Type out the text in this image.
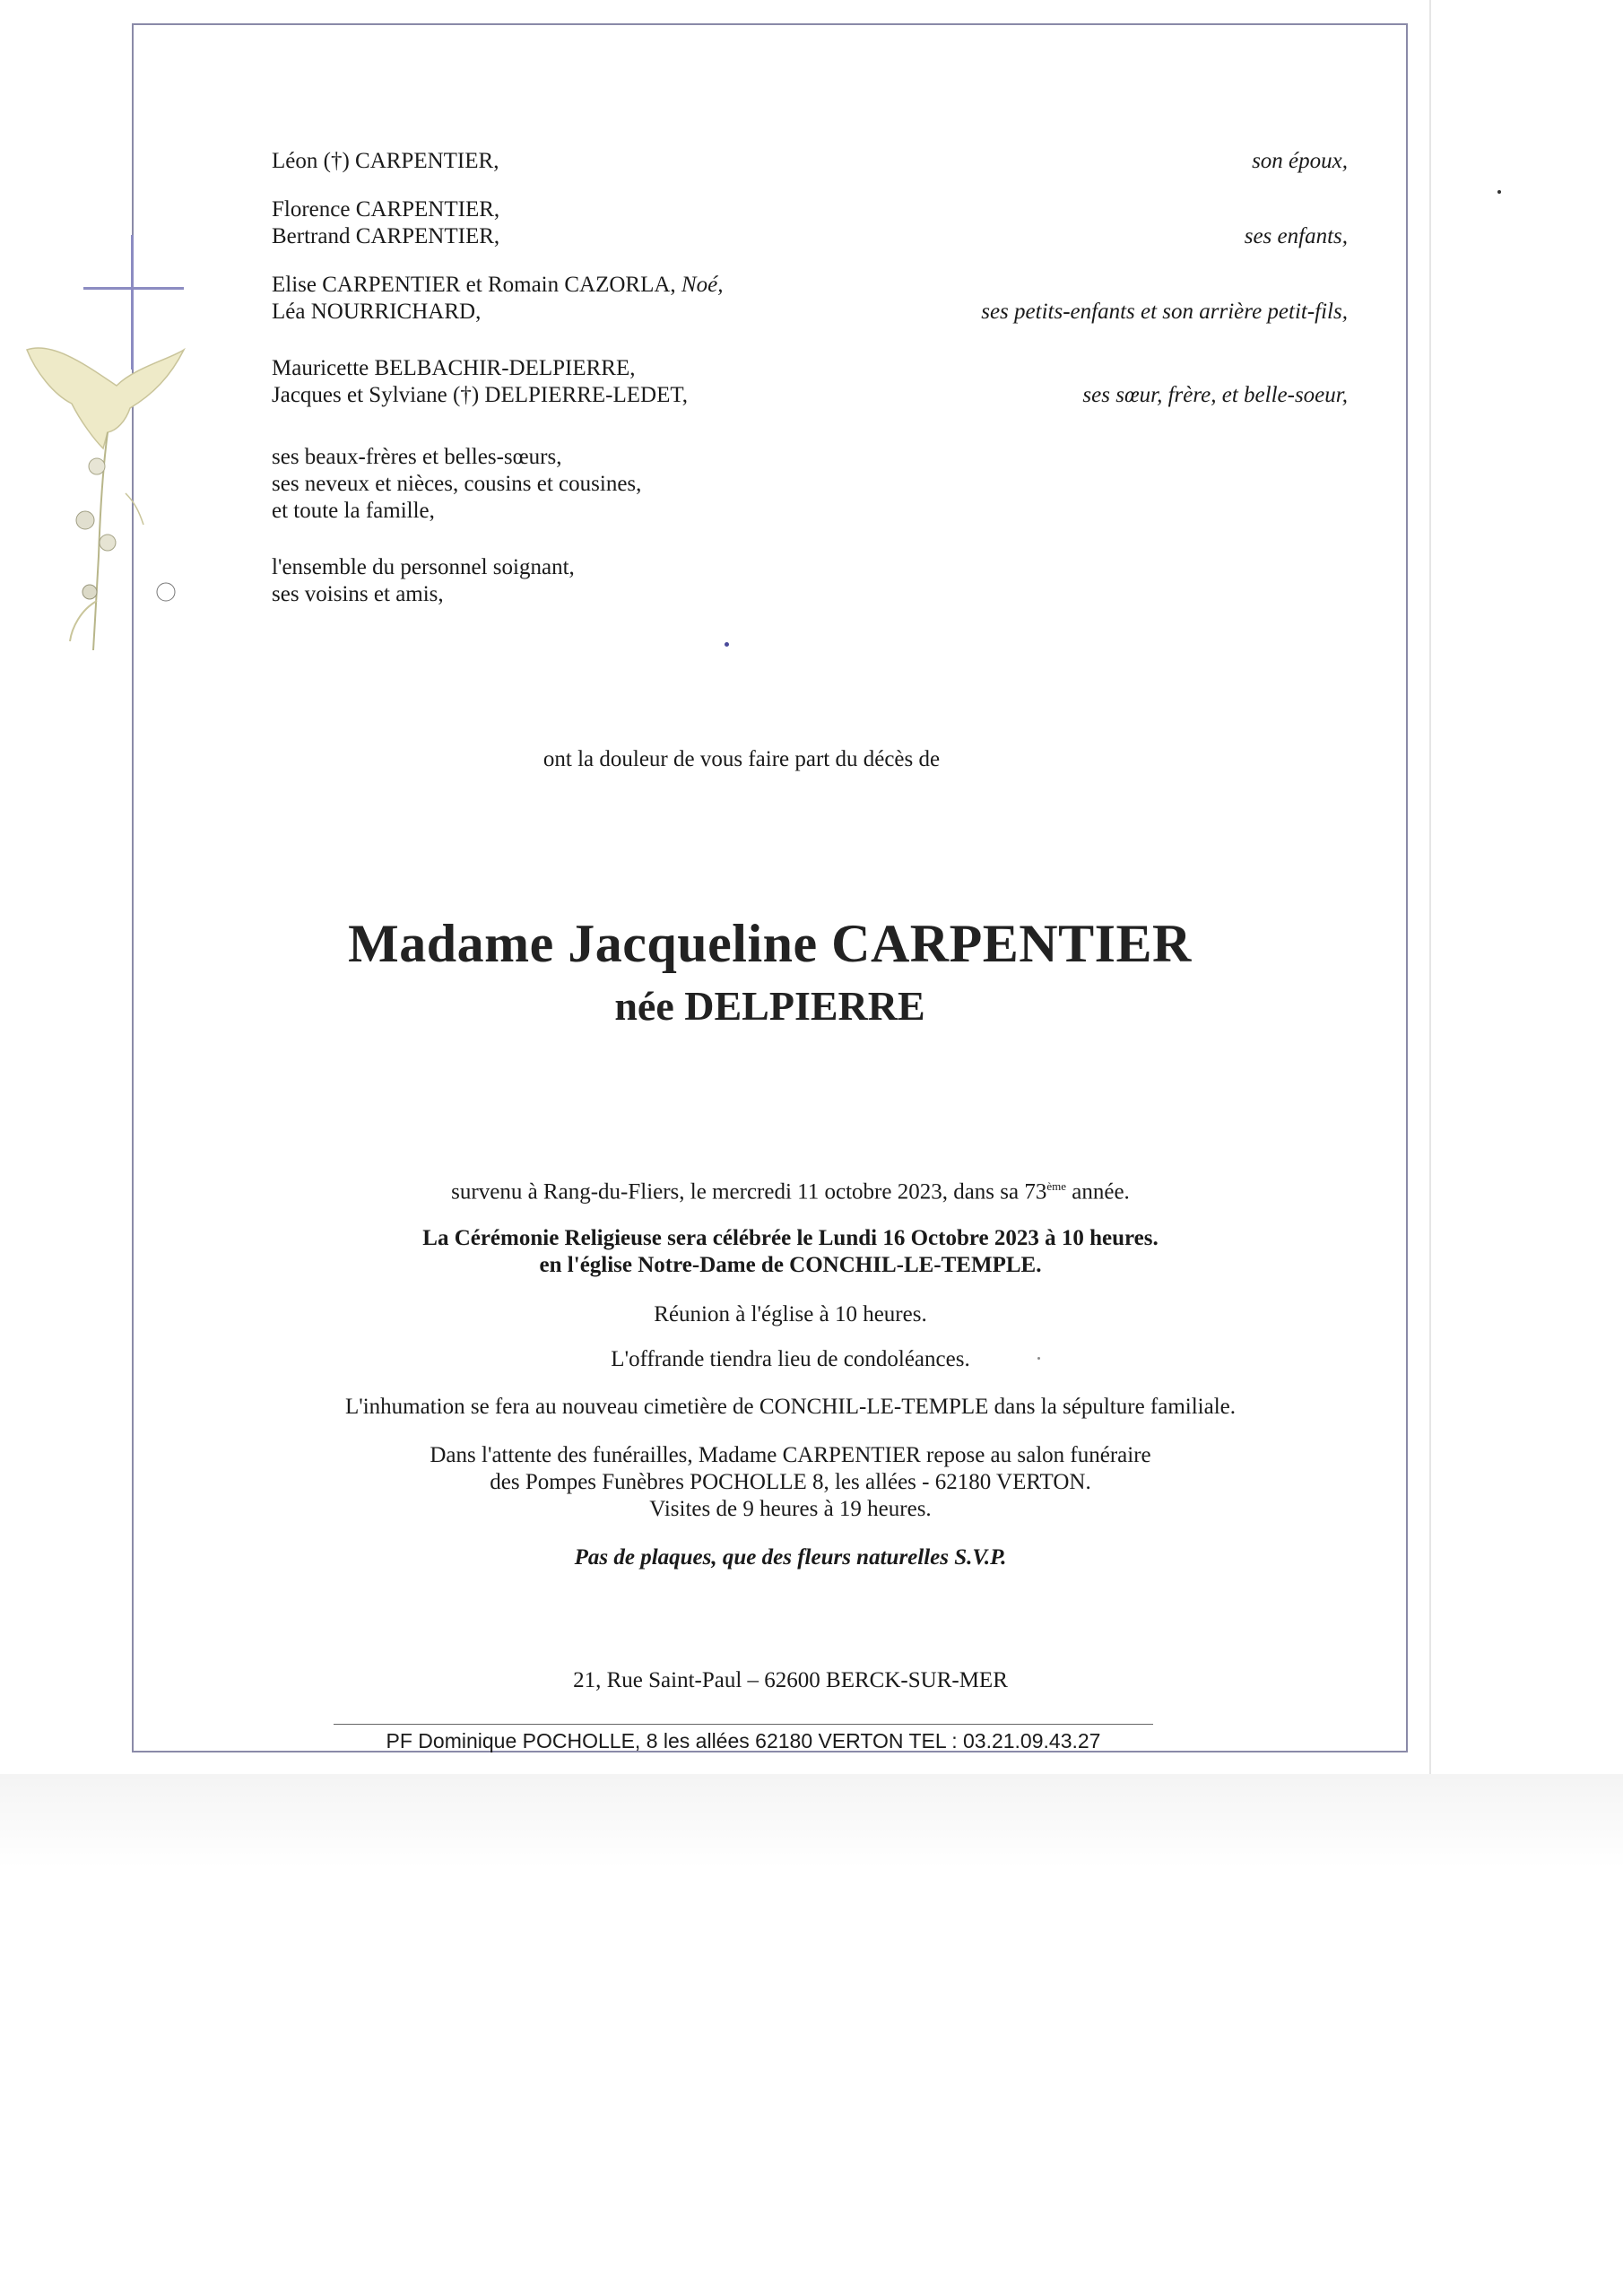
Léon (†) CARPENTIER,	son époux,
Florence CARPENTIER,
Bertrand CARPENTIER,	ses enfants,
Elise CARPENTIER et Romain CAZORLA, Noé,
Léa NOURRICHARD,	ses petits-enfants et son arrière petit-fils,
Mauricette BELBACHIR-DELPIERRE,
Jacques et Sylviane (†) DELPIERRE-LEDET,	ses sœur, frère, et belle-soeur,
ses beaux-frères et belles-sœurs,
ses neveux et nièces, cousins et cousines,
et toute la famille,
l'ensemble du personnel soignant,
ses voisins et amis,
ont la douleur de vous faire part du décès de
Madame Jacqueline CARPENTIER
née DELPIERRE
survenu à Rang-du-Fliers, le mercredi 11 octobre 2023, dans sa 73ème année.
La Cérémonie Religieuse sera célébrée le Lundi 16 Octobre 2023 à 10 heures.
en l'église Notre-Dame de CONCHIL-LE-TEMPLE.
Réunion à l'église à 10 heures.
L'offrande tiendra lieu de condoléances.
L'inhumation se fera au nouveau cimetière de CONCHIL-LE-TEMPLE dans la sépulture familiale.
Dans l'attente des funérailles, Madame CARPENTIER repose au salon funéraire
des Pompes Funèbres POCHOLLE 8, les allées - 62180 VERTON.
Visites de 9 heures à 19 heures.
Pas de plaques, que des fleurs naturelles S.V.P.
21, Rue Saint-Paul – 62600 BERCK-SUR-MER
PF Dominique POCHOLLE, 8 les allées 62180 VERTON TEL : 03.21.09.43.27
